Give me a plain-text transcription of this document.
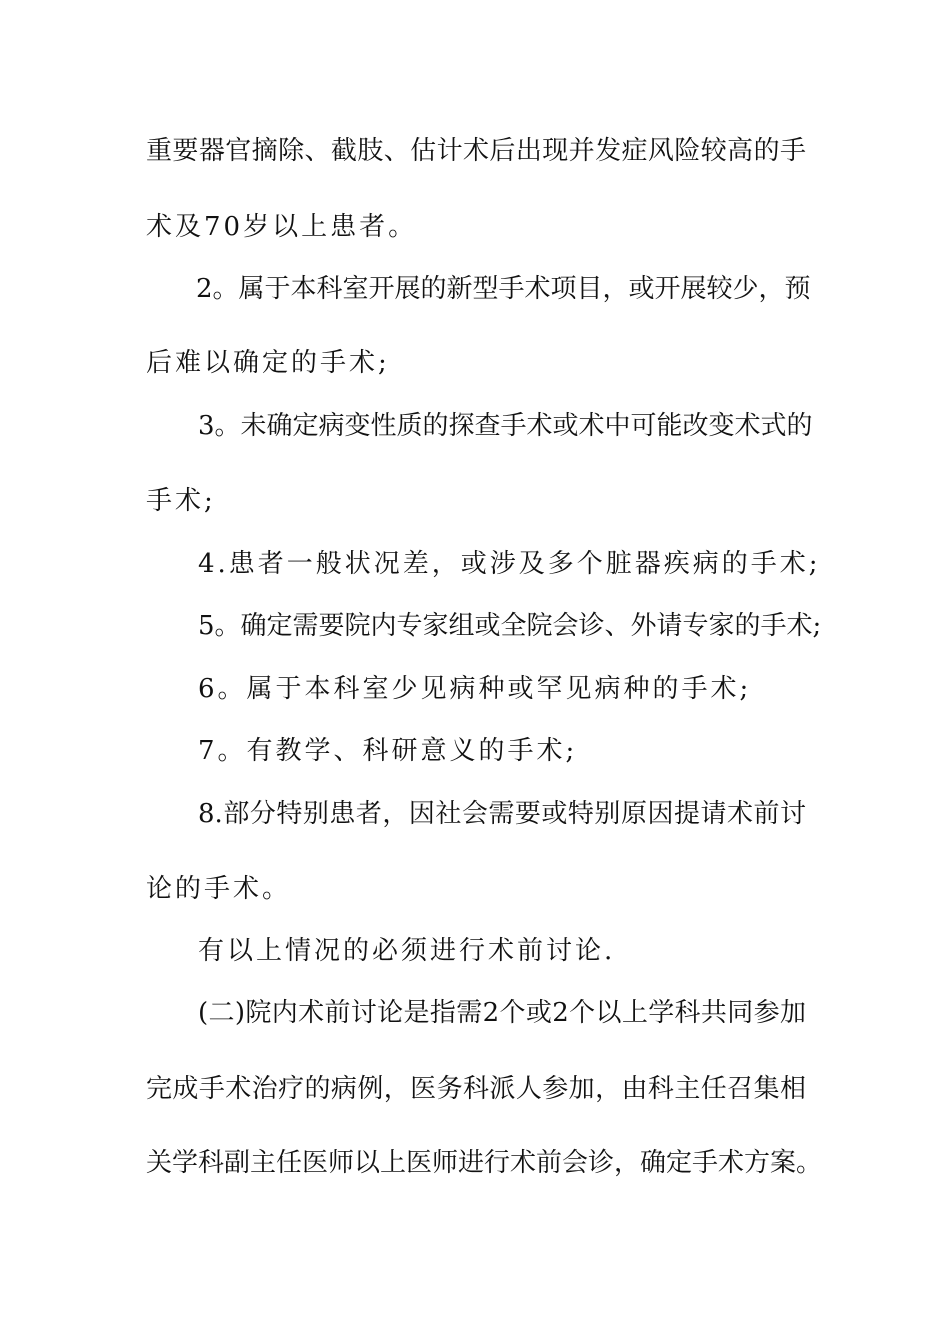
重要器官摘除、截肢、估计术后出现并发症风险较高的手

术及70岁以上患者。

2。属于本科室开展的新型手术项目，或开展较少，预

后难以确定的手术;

3。未确定病变性质的探查手术或术中可能改变术式的

手术;

4.患者一般状况差，或涉及多个脏器疾病的手术;

5。确定需要院内专家组或全院会诊、外请专家的手术;

6。属于本科室少见病种或罕见病种的手术;

7。有教学、科研意义的手术;

8.部分特别患者，因社会需要或特别原因提请术前讨

论的手术。

有以上情况的必须进行术前讨论.

(二)院内术前讨论是指需2个或2个以上学科共同参加

完成手术治疗的病例，医务科派人参加，由科主任召集相

关学科副主任医师以上医师进行术前会诊，确定手术方案。
